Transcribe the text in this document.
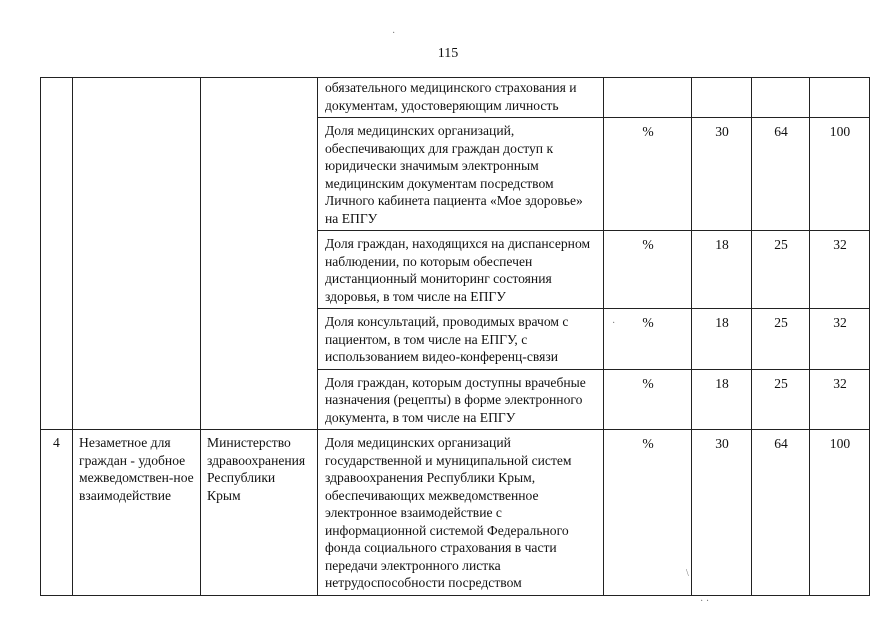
115
·
·
\
· ·
			обязательного медицинского страхования и документам, удостоверяющим личность				
			Доля медицинских организаций, обеспечивающих для граждан доступ к юридически значимым электронным медицинским документам посредством Личного кабинета пациента «Мое здоровье» на ЕПГУ	%	30	64	100
			Доля граждан, находящихся на диспансерном наблюдении, по которым обеспечен дистанционный мониторинг состояния здоровья, в том числе на ЕПГУ	%	18	25	32
			Доля консультаций, проводимых врачом с пациентом, в том числе на ЕПГУ, с использованием видео-конференц-связи	%	18	25	32
			Доля граждан, которым доступны врачебные назначения (рецепты) в форме электронного документа, в том числе на ЕПГУ	%	18	25	32
4	Незаметное для граждан - удобное межведомствен-ное взаимодействие	Министерство здравоохранения Республики Крым	Доля медицинских организаций государственной и муниципальной систем здравоохранения Республики Крым, обеспечивающих межведомственное электронное взаимодействие с информационной системой Федерального фонда социального страхования в части передачи электронного листка нетрудоспособности посредством	%	30	64	100
